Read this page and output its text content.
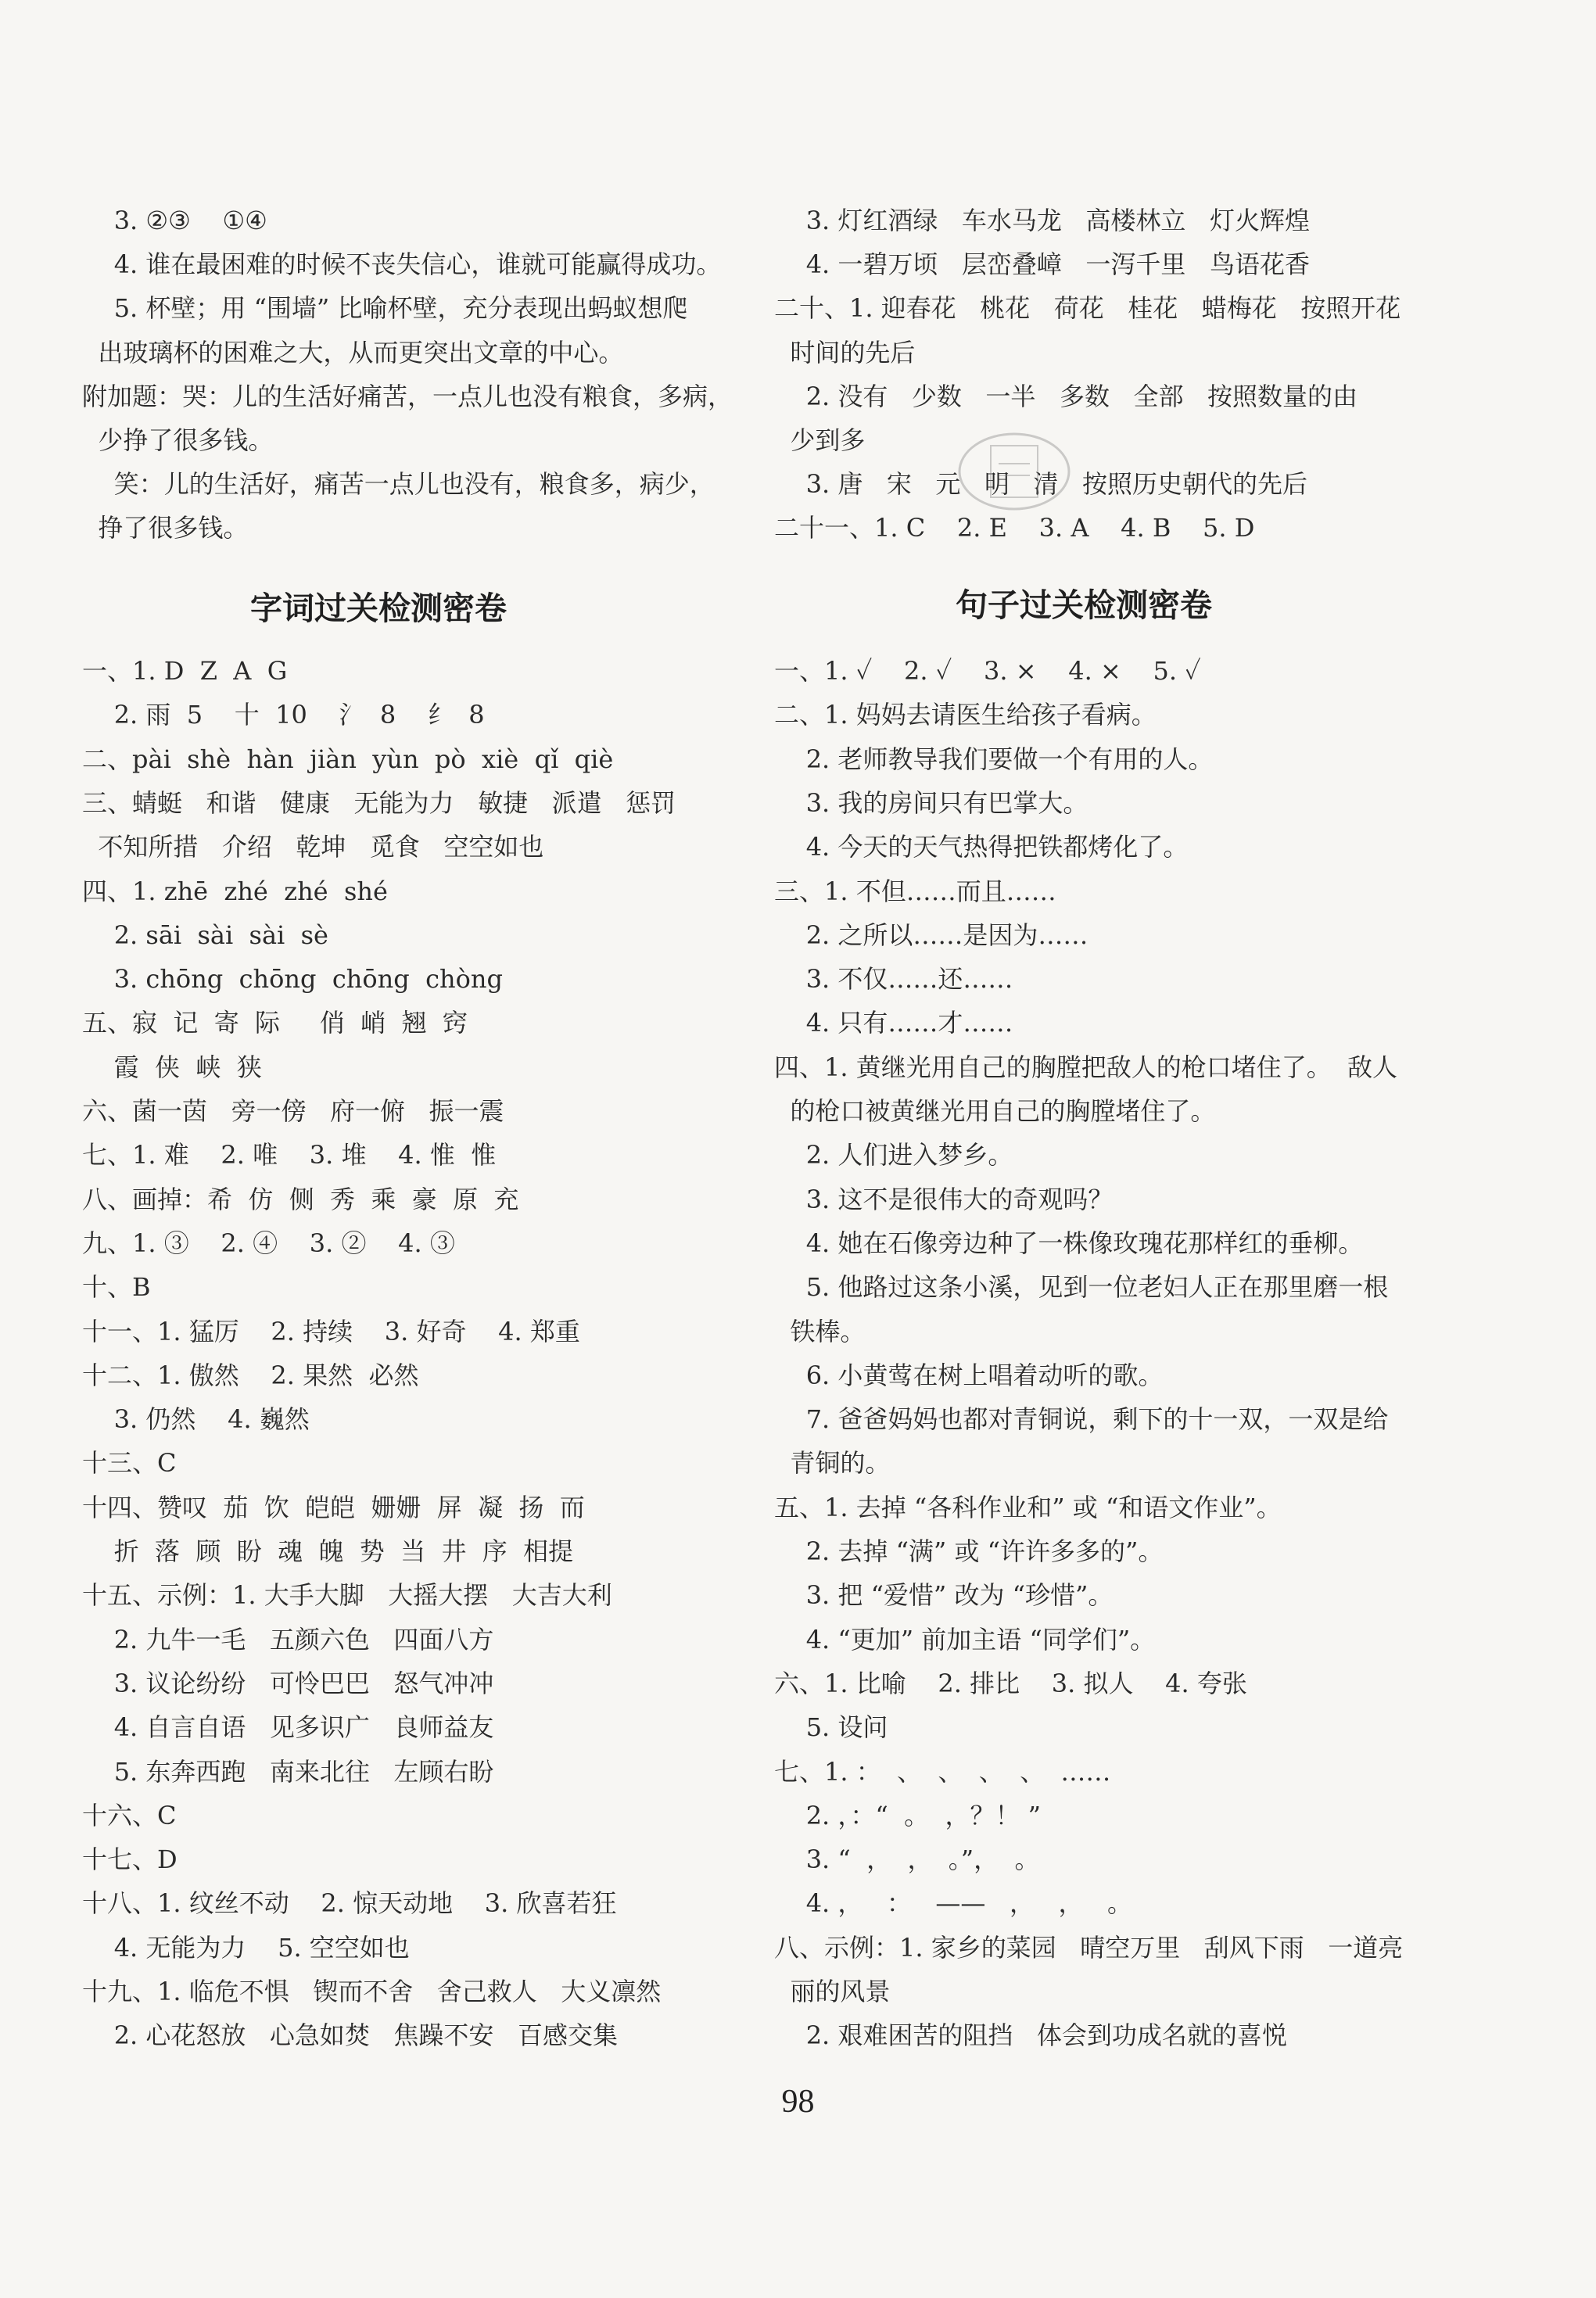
3. ②③    ①④
4. 谁在最困难的时候不丧失信心，谁就可能赢得成功。
5. 杯壁；用 “围墙” 比喻杯壁，充分表现出蚂蚁想爬
出玻璃杯的困难之大，从而更突出文章的中心。
附加题：哭：儿的生活好痛苦，一点儿也没有粮食，多病，
少挣了很多钱。
笑：儿的生活好，痛苦一点儿也没有，粮食多，病少，
挣了很多钱。
字词过关检测密卷
一、1. D  Z  A  G
2. 雨  5    十  10    氵  8    纟  8
二、pài  shè  hàn  jiàn  yùn  pò  xiè  qǐ  qiè
三、蜻蜓   和谐   健康   无能为力   敏捷   派遣   惩罚
不知所措   介绍   乾坤   觅食   空空如也
四、1. zhē  zhé  zhé  shé
2. sāi  sài  sài  sè
3. chōng  chōng  chōng  chòng
五、寂  记  寄  际     俏  峭  翘  窍
霞  侠  峡  狭
六、菌一茵   旁一傍   府一俯   振一震
七、1. 难    2. 唯    3. 堆    4. 惟  惟
八、画掉：希  仿  侧  秀  乘  豪  原  充
九、1. ③    2. ④    3. ②    4. ③
十、B
十一、1. 猛厉    2. 持续    3. 好奇    4. 郑重
十二、1. 傲然    2. 果然  必然
3. 仍然    4. 巍然
十三、C
十四、赞叹  茄  饮  皑皑  姗姗  屏  凝  扬  而
折  落  顾  盼  魂  魄  势  当  井  序  相提
十五、示例：1. 大手大脚   大摇大摆   大吉大利
2. 九牛一毛   五颜六色   四面八方
3. 议论纷纷   可怜巴巴   怒气冲冲
4. 自言自语   见多识广   良师益友
5. 东奔西跑   南来北往   左顾右盼
十六、C
十七、D
十八、1. 纹丝不动    2. 惊天动地    3. 欣喜若狂
4. 无能为力    5. 空空如也
十九、1. 临危不惧   锲而不舍   舍己救人   大义凛然
2. 心花怒放   心急如焚   焦躁不安   百感交集
3. 灯红酒绿   车水马龙   高楼林立   灯火辉煌
4. 一碧万顷   层峦叠嶂   一泻千里   鸟语花香
二十、1. 迎春花   桃花   荷花   桂花   蜡梅花   按照开花
时间的先后
2. 没有   少数   一半   多数   全部   按照数量的由
少到多
3. 唐   宋   元   明   清   按照历史朝代的先后
二十一、1. C    2. E    3. A    4. B    5. D
句子过关检测密卷
一、1. ✓    2. ✓    3. ×    4. ×    5. ✓
二、1. 妈妈去请医生给孩子看病。
2. 老师教导我们要做一个有用的人。
3. 我的房间只有巴掌大。
4. 今天的天气热得把铁都烤化了。
三、1. 不但……而且……
2. 之所以……是因为……
3. 不仅……还……
4. 只有……才……
四、1. 黄继光用自己的胸膛把敌人的枪口堵住了。  敌人
的枪口被黄继光用自己的胸膛堵住了。
2. 人们进入梦乡。
3. 这不是很伟大的奇观吗？
4. 她在石像旁边种了一株像玫瑰花那样红的垂柳。
5. 他路过这条小溪，见到一位老妇人正在那里磨一根
铁棒。
6. 小黄莺在树上唱着动听的歌。
7. 爸爸妈妈也都对青铜说，剩下的十一双，一双是给
青铜的。
五、1. 去掉 “各科作业和” 或 “和语文作业”。
2. 去掉 “满” 或 “许许多多的”。
3. 把 “爱惜” 改为 “珍惜”。
4. “更加” 前加主语 “同学们”。
六、1. 比喻    2. 排比    3. 拟人    4. 夸张
5. 设问
七、1. ：  、  、  、  、  ……
2. ，：“  。  ，？！ ”
3. “  ，  ，  。”，  。
4. ，   ：   ——   ，   ，   。
八、示例：1. 家乡的菜园   晴空万里   刮风下雨   一道亮
丽的风景
2. 艰难困苦的阻挡   体会到功成名就的喜悦
98
